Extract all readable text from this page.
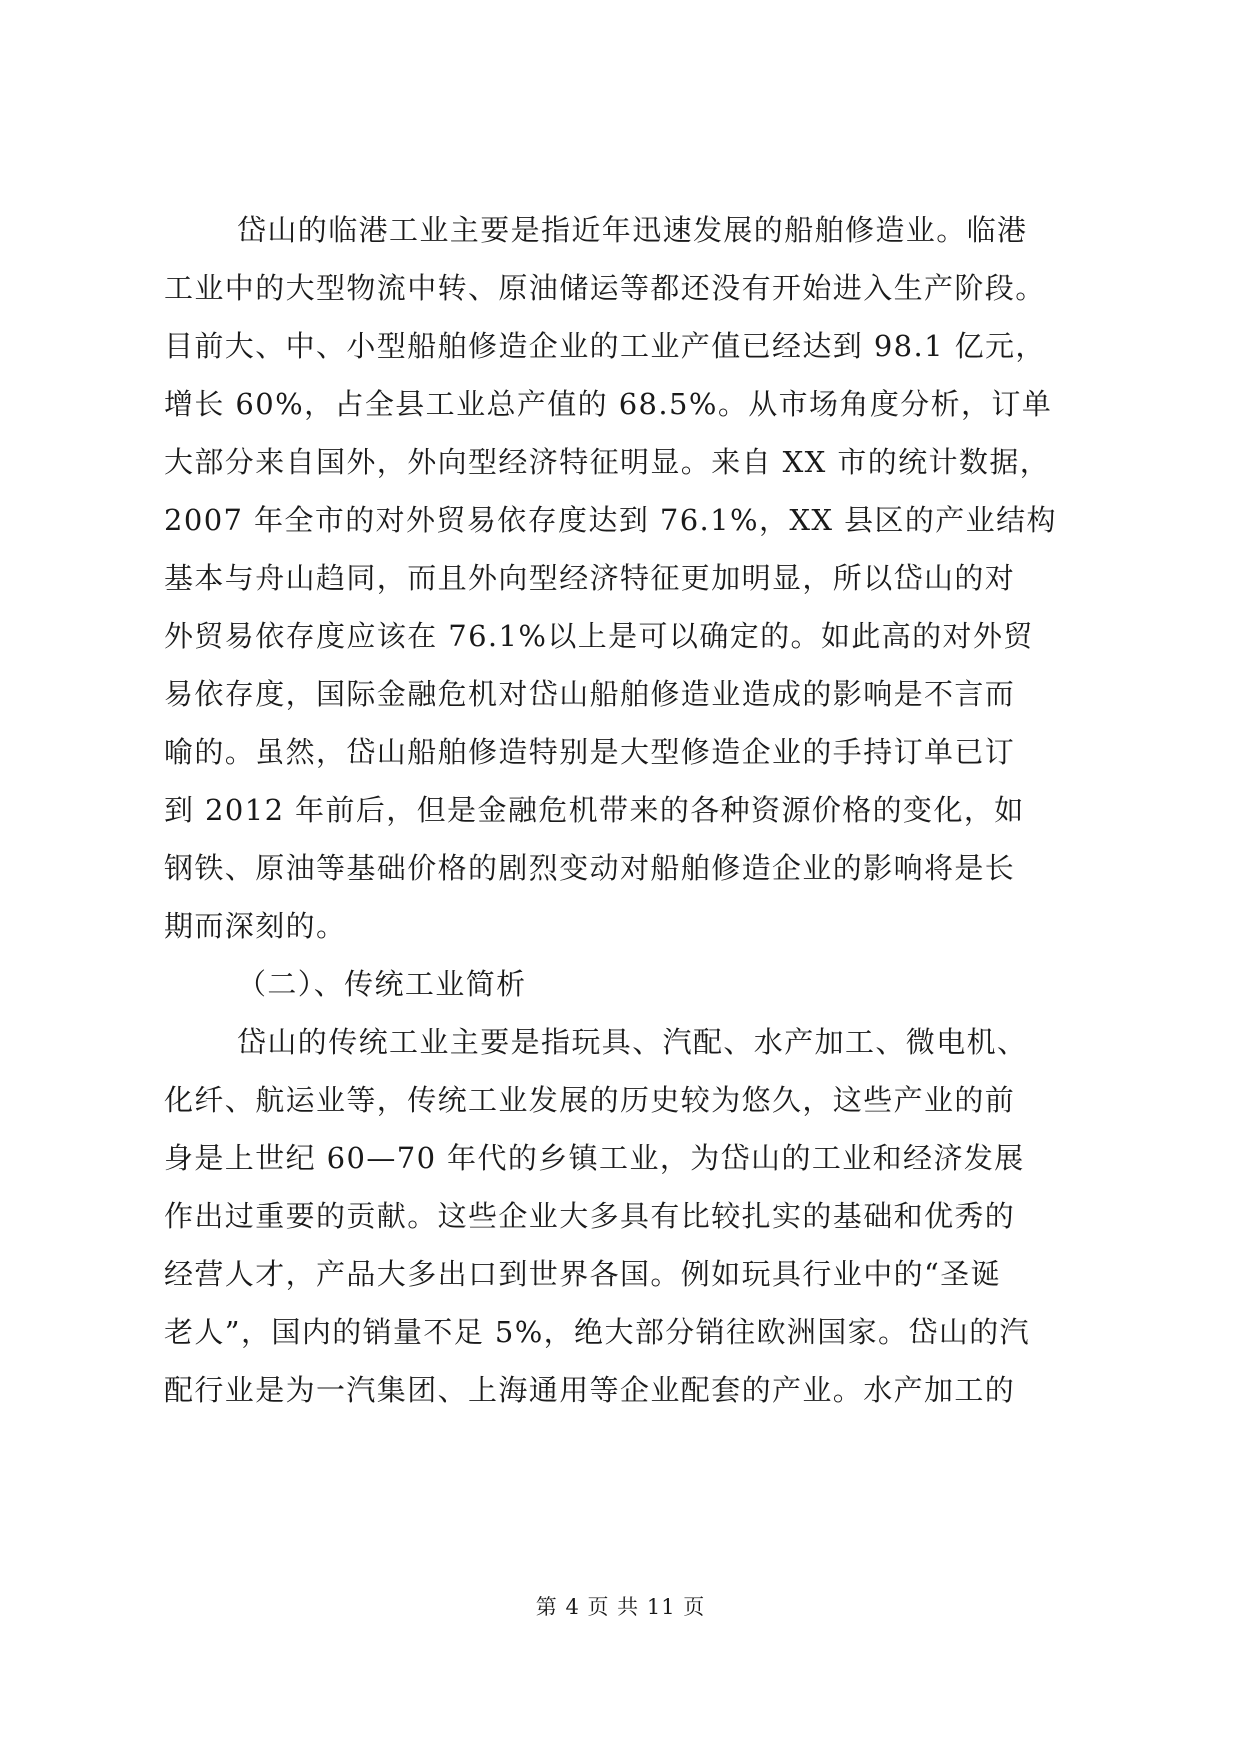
岱山的临港工业主要是指近年迅速发展的船舶修造业。临港
工业中的大型物流中转、原油储运等都还没有开始进入生产阶段。
目前大、中、小型船舶修造企业的工业产值已经达到 98.1 亿元，
增长 60%，占全县工业总产值的 68.5%。从市场角度分析，订单
大部分来自国外，外向型经济特征明显。来自 XX 市的统计数据，
2007 年全市的对外贸易依存度达到 76.1%，XX 县区的产业结构
基本与舟山趋同，而且外向型经济特征更加明显，所以岱山的对
外贸易依存度应该在 76.1%以上是可以确定的。如此高的对外贸
易依存度，国际金融危机对岱山船舶修造业造成的影响是不言而
喻的。虽然，岱山船舶修造特别是大型修造企业的手持订单已订
到 2012 年前后，但是金融危机带来的各种资源价格的变化，如
钢铁、原油等基础价格的剧烈变动对船舶修造企业的影响将是长
期而深刻的。
（二）、传统工业简析
岱山的传统工业主要是指玩具、汽配、水产加工、微电机、
化纤、航运业等，传统工业发展的历史较为悠久，这些产业的前
身是上世纪 60—70 年代的乡镇工业，为岱山的工业和经济发展
作出过重要的贡献。这些企业大多具有比较扎实的基础和优秀的
经营人才，产品大多出口到世界各国。例如玩具行业中的“圣诞
老人”，国内的销量不足 5%，绝大部分销往欧洲国家。岱山的汽
配行业是为一汽集团、上海通用等企业配套的产业。水产加工的
第 4 页 共 11 页
